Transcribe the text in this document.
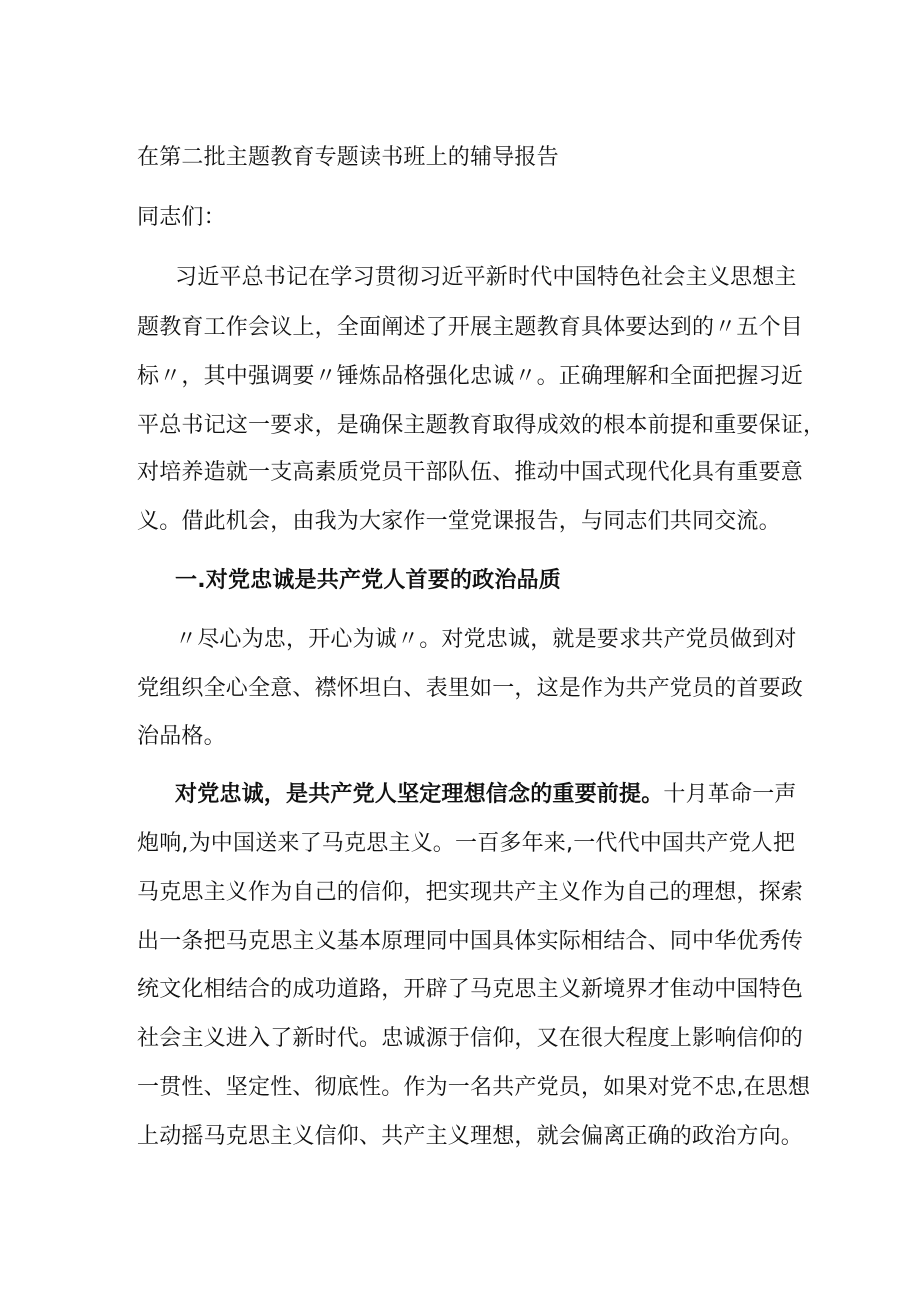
在第二批主题教育专题读书班上的辅导报告

同志们：

习近平总书记在学习贯彻习近平新时代中国特色社会主义思想主

题教育工作会议上，全面阐述了开展主题教育具体要达到的〃五个目

标〃，其中强调要〃锤炼品格强化忠诚〃。正确理解和全面把握习近

平总书记这一要求，是确保主题教育取得成效的根本前提和重要保证，

对培养造就一支高素质党员干部队伍、推动中国式现代化具有重要意

义。借此机会，由我为大家作一堂党课报告，与同志们共同交流。

一.对党忠诚是共产党人首要的政治品质

〃尽心为忠，开心为诚〃。对党忠诚，就是要求共产党员做到对

党组织全心全意、襟怀坦白、表里如一，这是作为共产党员的首要政

治品格。

对党忠诚，是共产党人坚定理想信念的重要前提。十月革命一声

炮响,为中国送来了马克思主义。一百多年来,一代代中国共产党人把

马克思主义作为自己的信仰，把实现共产主义作为自己的理想，探索

出一条把马克思主义基本原理同中国具体实际相结合、同中华优秀传

统文化相结合的成功道路，开辟了马克思主义新境界才隹动中国特色

社会主义进入了新时代。忠诚源于信仰，又在很大程度上影响信仰的

一贯性、坚定性、彻底性。作为一名共产党员，如果对党不忠,在思想

上动摇马克思主义信仰、共产主义理想，就会偏离正确的政治方向。
